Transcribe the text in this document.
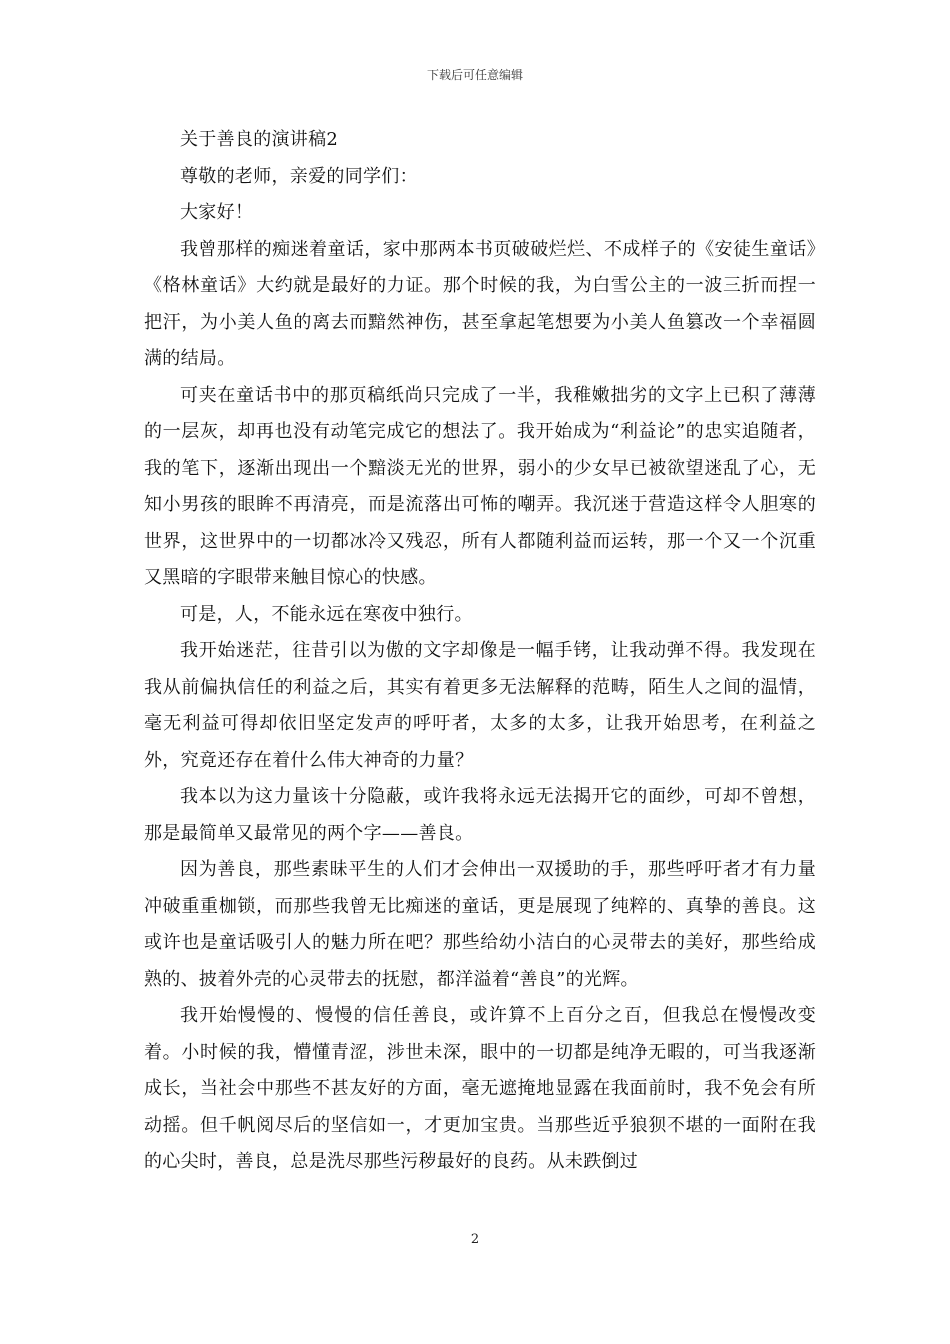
下载后可任意编辑

关于善良的演讲稿2

尊敬的老师，亲爱的同学们：

大家好！

我曾那样的痴迷着童话，家中那两本书页破破烂烂、不成样子的《安徒生童话》《格林童话》大约就是最好的力证。那个时候的我，为白雪公主的一波三折而捏一把汗，为小美人鱼的离去而黯然神伤，甚至拿起笔想要为小美人鱼篡改一个幸福圆满的结局。

可夹在童话书中的那页稿纸尚只完成了一半，我稚嫩拙劣的文字上已积了薄薄的一层灰，却再也没有动笔完成它的想法了。我开始成为“利益论”的忠实追随者，我的笔下，逐渐出现出一个黯淡无光的世界，弱小的少女早已被欲望迷乱了心，无知小男孩的眼眸不再清亮，而是流落出可怖的嘲弄。我沉迷于营造这样令人胆寒的世界，这世界中的一切都冰冷又残忍，所有人都随利益而运转，那一个又一个沉重又黑暗的字眼带来触目惊心的快感。

可是，人，不能永远在寒夜中独行。

我开始迷茫，往昔引以为傲的文字却像是一幅手铐，让我动弹不得。我发现在我从前偏执信任的利益之后，其实有着更多无法解释的范畴，陌生人之间的温情，毫无利益可得却依旧坚定发声的呼吁者，太多的太多，让我开始思考，在利益之外，究竟还存在着什么伟大神奇的力量？

我本以为这力量该十分隐蔽，或许我将永远无法揭开它的面纱，可却不曾想，那是最简单又最常见的两个字——善良。

因为善良，那些素昧平生的人们才会伸出一双援助的手，那些呼吁者才有力量冲破重重枷锁，而那些我曾无比痴迷的童话，更是展现了纯粹的、真挚的善良。这或许也是童话吸引人的魅力所在吧？那些给幼小洁白的心灵带去的美好，那些给成熟的、披着外壳的心灵带去的抚慰，都洋溢着“善良”的光辉。

我开始慢慢的、慢慢的信任善良，或许算不上百分之百，但我总在慢慢改变着。小时候的我，懵懂青涩，涉世未深，眼中的一切都是纯净无暇的，可当我逐渐成长，当社会中那些不甚友好的方面，毫无遮掩地显露在我面前时，我不免会有所动摇。但千帆阅尽后的坚信如一，才更加宝贵。当那些近乎狼狈不堪的一面附在我的心尖时，善良，总是洗尽那些污秽最好的良药。从未跌倒过

2
